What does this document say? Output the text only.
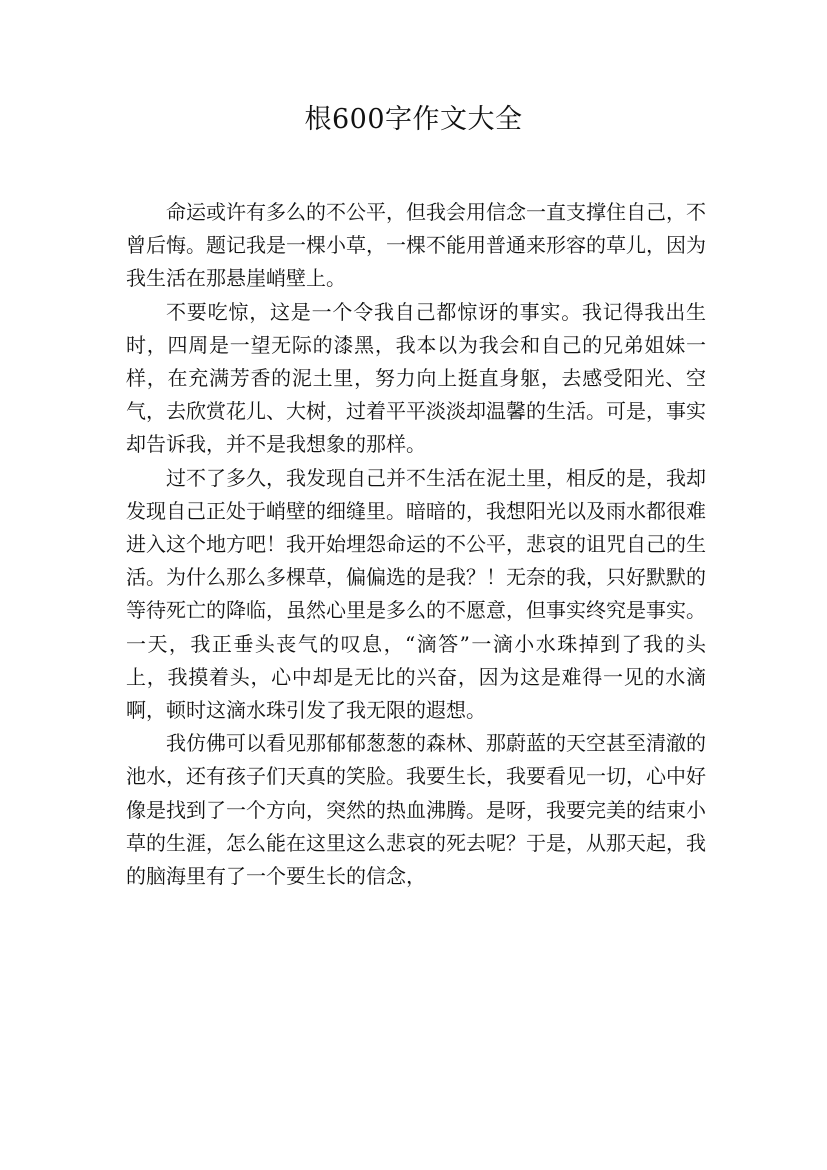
根600字作文大全

命运或许有多么的不公平，但我会用信念一直支撑住自己，不曾后悔。题记我是一棵小草，一棵不能用普通来形容的草儿，因为我生活在那悬崖峭壁上。

不要吃惊，这是一个令我自己都惊讶的事实。我记得我出生时，四周是一望无际的漆黑，我本以为我会和自己的兄弟姐妹一样，在充满芳香的泥土里，努力向上挺直身躯，去感受阳光、空气，去欣赏花儿、大树，过着平平淡淡却温馨的生活。可是，事实却告诉我，并不是我想象的那样。

过不了多久，我发现自己并不生活在泥土里，相反的是，我却发现自己正处于峭壁的细缝里。暗暗的，我想阳光以及雨水都很难进入这个地方吧！我开始埋怨命运的不公平，悲哀的诅咒自己的生活。为什么那么多棵草，偏偏选的是我？！无奈的我，只好默默的等待死亡的降临，虽然心里是多么的不愿意，但事实终究是事实。一天，我正垂头丧气的叹息，“滴答”一滴小水珠掉到了我的头上，我摸着头，心中却是无比的兴奋，因为这是难得一见的水滴啊，顿时这滴水珠引发了我无限的遐想。

我仿佛可以看见那郁郁葱葱的森林、那蔚蓝的天空甚至清澈的池水，还有孩子们天真的笑脸。我要生长，我要看见一切，心中好像是找到了一个方向，突然的热血沸腾。是呀，我要完美的结束小草的生涯，怎么能在这里这么悲哀的死去呢？于是，从那天起，我的脑海里有了一个要生长的信念，
